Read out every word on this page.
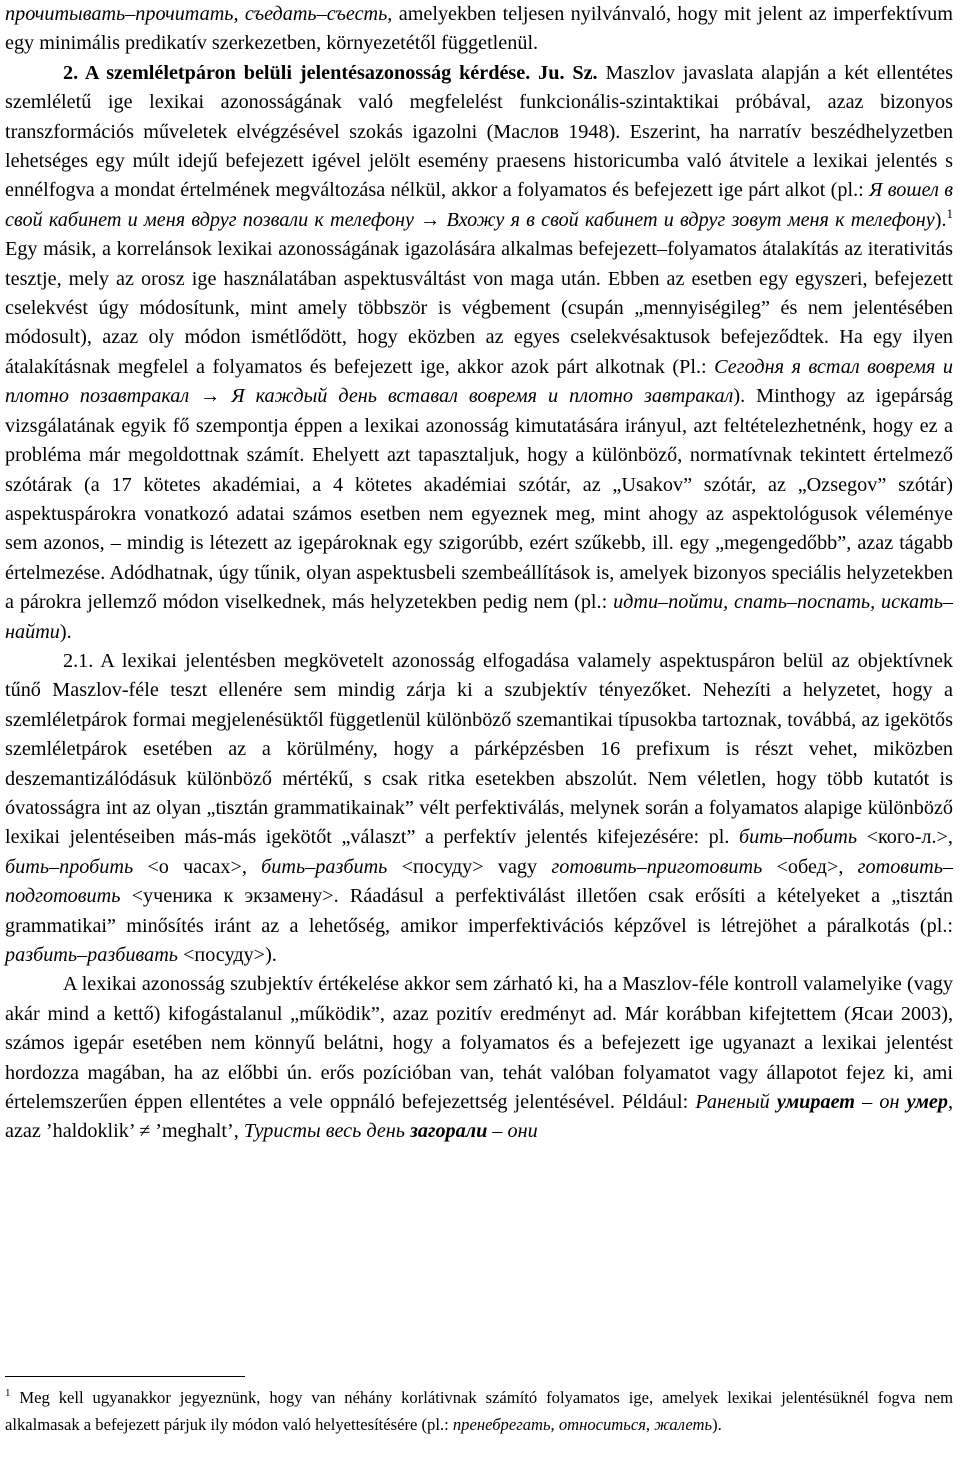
прочитывать–прочитать, съедать–съесть, amelyekben teljesen nyilvánvaló, hogy mit jelent az imperfektívum egy minimális predikatív szerkezetben, környezetétől függetlenül.

2. A szemléletpáron belüli jelentésazonosság kérdése. Ju. Sz. Maszlov javaslata alapján a két ellentétes szemléletű ige lexikai azonosságának való megfelelést funkcionális-szintaktikai próbával, azaz bizonyos transzformációs műveletek elvégzésével szokás igazolni (Маслов 1948). Eszerint, ha narratív beszédhelyzetben lehetséges egy múlt idejű befejezett igével jelölt esemény praesens historicumba való átvitele a lexikai jelentés s ennélfogva a mondat értelmének megváltozása nélkül, akkor a folyamatos és befejezett ige párt alkot (pl.: Я вошел в свой кабинет и меня вдруг позвали к телефону → Вхожу я в свой кабинет и вдруг зовут меня к телефону).$^1$ Egy másik, a korrelánsok lexikai azonosságának igazolására alkalmas befejezett–folyamatos átalakítás az iterativitás tesztje, mely az orosz ige használatában aspektusváltást von maga után. Ebben az esetben egy egyszeri, befejezett cselekvést úgy módosítunk, mint amely többször is végbement (csupán „mennyiségileg” és nem jelentésében módosult), azaz oly módon ismétlődött, hogy eközben az egyes cselekvésaktusok befejeződtek. Ha egy ilyen átalakításnak megfelel a folyamatos és befejezett ige, akkor azok párt alkotnak (Pl.: Сегодня я встал вовремя и плотно позавтракал → Я каждый день вставал вовремя и плотно завтракал). Minthogy az igepárság vizsgálatának egyik fő szempontja éppen a lexikai azonosság kimutatására irányul, azt feltételezhetnénk, hogy ez a probléma már megoldottnak számít. Ehelyett azt tapasztaljuk, hogy a különböző, normatívnak tekintett értelmező szótárak (a 17 kötetes akadémiai, a 4 kötetes akadémiai szótár, az „Usakov” szótár, az „Ozsegov” szótár) aspektuspárokra vonatkozó adatai számos esetben nem egyeznek meg, mint ahogy az aspektológusok véleménye sem azonos, – mindig is létezett az igepároknak egy szigorúbb, ezért szűkebb, ill. egy „megengedőbb”, azaz tágabb értelmezése. Adódhatnak, úgy tűnik, olyan aspektusbeli szembeállítások is, amelyek bizonyos speciális helyzetekben a párokra jellemző módon viselkednek, más helyzetekben pedig nem (pl.: идти–пойти, спать–поспать, искать–найти).

2.1. A lexikai jelentésben megkövetelt azonosság elfogadása valamely aspektuspáron belül az objektívnek tűnő Maszlov-féle teszt ellenére sem mindig zárja ki a szubjektív tényezőket. Nehezíti a helyzetet, hogy a szemléletpárok formai megjelenésüktől függetlenül különböző szemantikai típusokba tartoznak, továbbá, az igekötős szemléletpárok esetében az a körülmény, hogy a párképzésben 16 prefixum is részt vehet, miközben deszemantizálódásuk különböző mértékű, s csak ritka esetekben abszolút. Nem véletlen, hogy több kutatót is óvatosságra int az olyan „tisztán grammatikainak” vélt perfektiválás, melynek során a folyamatos alapige különböző lexikai jelentéseiben más-más igekötőt „választ” a perfektív jelentés kifejezésére: pl. бить–побить <кого-л.>, бить–пробить <о часах>, бить–разбить <посуду> vagy готовить–приготовить <обед>, готовить–подготовить <ученика к экзамену>. Ráadásul a perfektiválást illetően csak erősíti a kételyeket a „tisztán grammatikai” minősítés iránt az a lehetőség, amikor imperfektivációs képzővel is létrejöhet a páralkotás (pl.: разбить–разбивать <посуду>).

A lexikai azonosság szubjektív értékelése akkor sem zárható ki, ha a Maszlov-féle kontroll valamelyike (vagy akár mind a kettő) kifogástalanul „működik”, azaz pozitív eredményt ad. Már korábban kifejtettem (Ясаи 2003), számos igepár esetében nem könnyű belátni, hogy a folyamatos és a befejezett ige ugyanazt a lexikai jelentést hordozza magában, ha az előbbi ún. erős pozícióban van, tehát valóban folyamatot vagy állapotot fejez ki, ami értelemszerűen éppen ellentétes a vele oppnáló befejezettség jelentésével. Például: Раненый умирает – он умер, azaz ’haldoklik’ ≠ ’meghalt’, Туристы весь день загорали – они

$^1$ Meg kell ugyanakkor jegyeznünk, hogy van néhány korlátivnak számító folyamatos ige, amelyek lexikai jelentésüknél fogva nem alkalmasak a befejezett párjuk ily módon való helyettesítésére (pl.: пренебрегать, относиться, жалеть).
